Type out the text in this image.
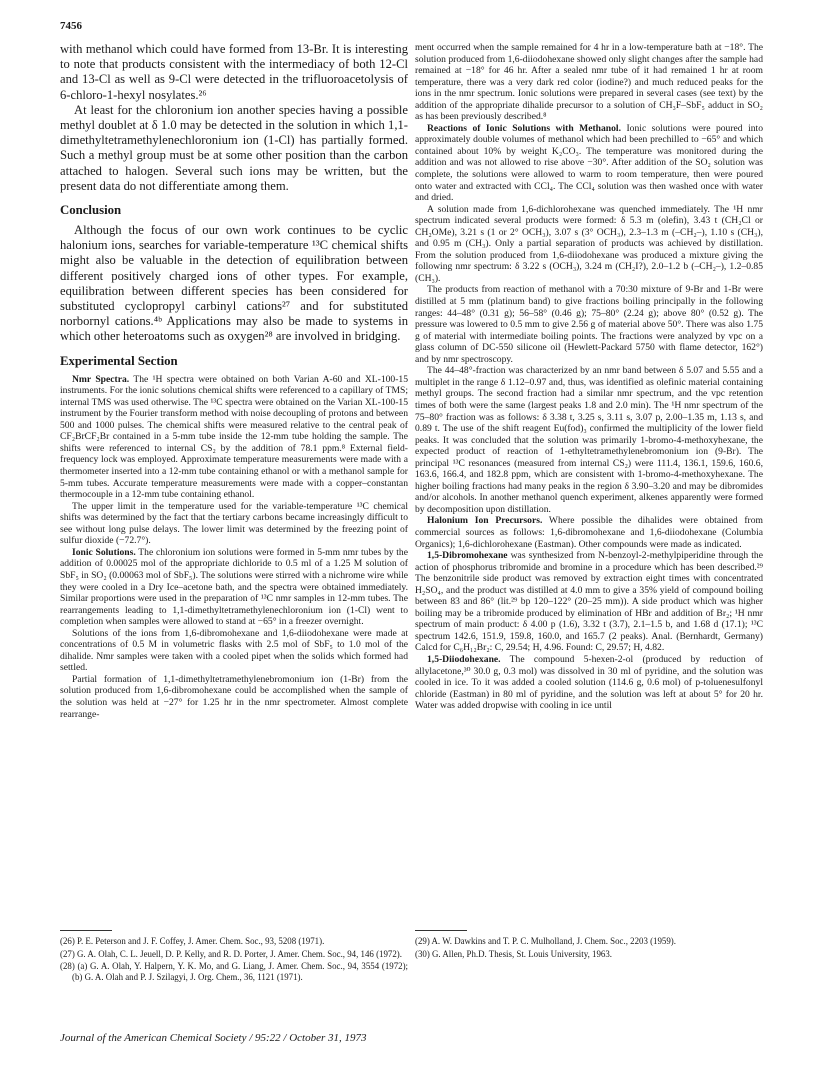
7456

with methanol which could have formed from 13-Br. It is interesting to note that products consistent with the intermediacy of both 12-Cl and 13-Cl as well as 9-Cl were detected in the trifluoroacetolysis of 6-chloro-1-hexyl nosylates.²⁶

At least for the chloronium ion another species having a possible methyl doublet at δ 1.0 may be detected in the solution in which 1,1-dimethyltetramethylenechloronium ion (1-Cl) has partially formed. Such a methyl group must be at some other position than the carbon attached to halogen. Several such ions may be written, but the present data do not differentiate among them.

Conclusion

Although the focus of our own work continues to be cyclic halonium ions, searches for variable-temperature ¹³C chemical shifts might also be valuable in the detection of equilibration between different positively charged ions of other types. For example, equilibration between different species has been considered for substituted cyclopropyl carbinyl cations²⁷ and for substituted norbornyl cations.⁴ᵇ Applications may also be made to systems in which other heteroatoms such as oxygen²⁸ are involved in bridging.

Experimental Section

Nmr Spectra. The ¹H spectra were obtained on both Varian A-60 and XL-100-15 instruments. For the ionic solutions chemical shifts were referenced to a capillary of TMS; internal TMS was used otherwise. The ¹³C spectra were obtained on the Varian XL-100-15 instrument by the Fourier transform method with noise decoupling of protons and between 500 and 1000 pulses. The chemical shifts were measured relative to the central peak of CF₂BrCF₂Br contained in a 5-mm tube inside the 12-mm tube holding the sample. The shifts were referenced to internal CS₂ by the addition of 78.1 ppm.⁸ External field-frequency lock was employed. Approximate temperature measurements were made with a thermometer inserted into a 12-mm tube containing ethanol or with a methanol sample for 5-mm tubes. Accurate temperature measurements were made with a copper–constantan thermocouple in a 12-mm tube containing ethanol.

The upper limit in the temperature used for the variable-temperature ¹³C chemical shifts was determined by the fact that the tertiary carbons became increasingly difficult to see without long pulse delays. The lower limit was determined by the freezing point of sulfur dioxide (−72.7°).

Ionic Solutions. The chloronium ion solutions were formed in 5-mm nmr tubes by the addition of 0.00025 mol of the appropriate dichloride to 0.5 ml of a 1.25 M solution of SbF₅ in SO₂ (0.00063 mol of SbF₅). The solutions were stirred with a nichrome wire while they were cooled in a Dry Ice–acetone bath, and the spectra were obtained immediately. Similar proportions were used in the preparation of ¹³C nmr samples in 12-mm tubes. The rearrangements leading to 1,1-dimethyltetramethylenechloronium ion (1-Cl) went to completion when samples were allowed to stand at −65° in a freezer overnight.

Solutions of the ions from 1,6-dibromohexane and 1,6-diiodohexane were made at concentrations of 0.5 M in volumetric flasks with 2.5 mol of SbF₅ to 1.0 mol of the dihalide. Nmr samples were taken with a cooled pipet when the solids which formed had settled.

Partial formation of 1,1-dimethyltetramethylenebromonium ion (1-Br) from the solution produced from 1,6-dibromohexane could be accomplished when the sample of the solution was held at −27° for 1.25 hr in the nmr spectrometer. Almost complete rearrange-

ment occurred when the sample remained for 4 hr in a low-temperature bath at −18°. The solution produced from 1,6-diiodohexane showed only slight changes after the sample had remained at −18° for 46 hr. After a sealed nmr tube of it had remained 1 hr at room temperature, there was a very dark red color (iodine?) and much reduced peaks for the ions in the nmr spectrum. Ionic solutions were prepared in several cases (see text) by the addition of the appropriate dihalide precursor to a solution of CH₃F–SbF₅ adduct in SO₂ as has been previously described.⁸

Reactions of Ionic Solutions with Methanol. Ionic solutions were poured into approximately double volumes of methanol which had been prechilled to −65° and which contained about 10% by weight K₂CO₃. The temperature was monitored during the addition and was not allowed to rise above −30°. After addition of the SO₂ solution was complete, the solutions were allowed to warm to room temperature, then were poured onto water and extracted with CCl₄. The CCl₄ solution was then washed once with water and dried.

A solution made from 1,6-dichlorohexane was quenched immediately. The ¹H nmr spectrum indicated several products were formed: δ 5.3 m (olefin), 3.43 t (CH₂Cl or CH₂OMe), 3.21 s (1 or 2° OCH₃), 3.07 s (3° OCH₃), 2.3–1.3 m (–CH₂–), 1.10 s (CH₃), and 0.95 m (CH₃). Only a partial separation of products was achieved by distillation. From the solution produced from 1,6-diiodohexane was produced a mixture giving the following nmr spectrum: δ 3.22 s (OCH₃), 3.24 m (CH₂I?), 2.0–1.2 b (–CH₂–), 1.2–0.85 (CH₃).

The products from reaction of methanol with a 70:30 mixture of 9-Br and 1-Br were distilled at 5 mm (platinum band) to give fractions boiling principally in the following ranges: 44–48° (0.31 g); 56–58° (0.46 g); 75–80° (2.24 g); above 80° (0.52 g). The pressure was lowered to 0.5 mm to give 2.56 g of material above 50°. There was also 1.75 g of material with intermediate boiling points. The fractions were analyzed by vpc on a glass column of DC-550 silicone oil (Hewlett-Packard 5750 with flame detector, 162°) and by nmr spectroscopy.

The 44–48°-fraction was characterized by an nmr band between δ 5.07 and 5.55 and a multiplet in the range δ 1.12–0.97 and, thus, was identified as olefinic material containing methyl groups. The second fraction had a similar nmr spectrum, and the vpc retention times of both were the same (largest peaks 1.8 and 2.0 min). The ¹H nmr spectrum of the 75–80° fraction was as follows: δ 3.38 t, 3.25 s, 3.11 s, 3.07 p, 2.00–1.35 m, 1.13 s, and 0.89 t. The use of the shift reagent Eu(fod)₃ confirmed the multiplicity of the lower field peaks. It was concluded that the solution was primarily 1-bromo-4-methoxyhexane, the expected product of reaction of 1-ethyltetramethylenebromonium ion (9-Br). The principal ¹³C resonances (measured from internal CS₂) were 111.4, 136.1, 159.6, 160.6, 163.6, 166.4, and 182.8 ppm, which are consistent with 1-bromo-4-methoxyhexane. The higher boiling fractions had many peaks in the region δ 3.90–3.20 and may be dibromides and/or alcohols. In another methanol quench experiment, alkenes apparently were formed by decomposition upon distillation.

Halonium Ion Precursors. Where possible the dihalides were obtained from commercial sources as follows: 1,6-dibromohexane and 1,6-diiodohexane (Columbia Organics); 1,6-dichlorohexane (Eastman). Other compounds were made as indicated.

1,5-Dibromohexane was synthesized from N-benzoyl-2-methylpiperidine through the action of phosphorus tribromide and bromine in a procedure which has been described.²⁹ The benzonitrile side product was removed by extraction eight times with concentrated H₂SO₄, and the product was distilled at 4.0 mm to give a 35% yield of compound boiling between 83 and 86° (lit.²⁹ bp 120–122° (20–25 mm)). A side product which was higher boiling may be a tribromide produced by elimination of HBr and addition of Br₂; ¹H nmr spectrum of main product: δ 4.00 p (1.6), 3.32 t (3.7), 2.1–1.5 b, and 1.68 d (17.1); ¹³C spectrum 142.6, 151.9, 159.8, 160.0, and 165.7 (2 peaks). Anal. (Bernhardt, Germany) Calcd for C₆H₁₂Br₂: C, 29.54; H, 4.96. Found: C, 29.57; H, 4.82.

1,5-Diiodohexane. The compound 5-hexen-2-ol (produced by reduction of allylacetone,³⁰ 30.0 g, 0.3 mol) was dissolved in 30 ml of pyridine, and the solution was cooled in ice. To it was added a cooled solution (114.6 g, 0.6 mol) of p-toluenesulfonyl chloride (Eastman) in 80 ml of pyridine, and the solution was left at about 5° for 20 hr. Water was added dropwise with cooling in ice until

(26) P. E. Peterson and J. F. Coffey, J. Amer. Chem. Soc., 93, 5208 (1971).
(27) G. A. Olah, C. L. Jeuell, D. P. Kelly, and R. D. Porter, J. Amer. Chem. Soc., 94, 146 (1972).
(28) (a) G. A. Olah, Y. Halpern, Y. K. Mo, and G. Liang, J. Amer. Chem. Soc., 94, 3554 (1972); (b) G. A. Olah and P. J. Szilagyi, J. Org. Chem., 36, 1121 (1971).
(29) A. W. Dawkins and T. P. C. Mulholland, J. Chem. Soc., 2203 (1959).
(30) G. Allen, Ph.D. Thesis, St. Louis University, 1963.
Journal of the American Chemical Society / 95:22 / October 31, 1973
